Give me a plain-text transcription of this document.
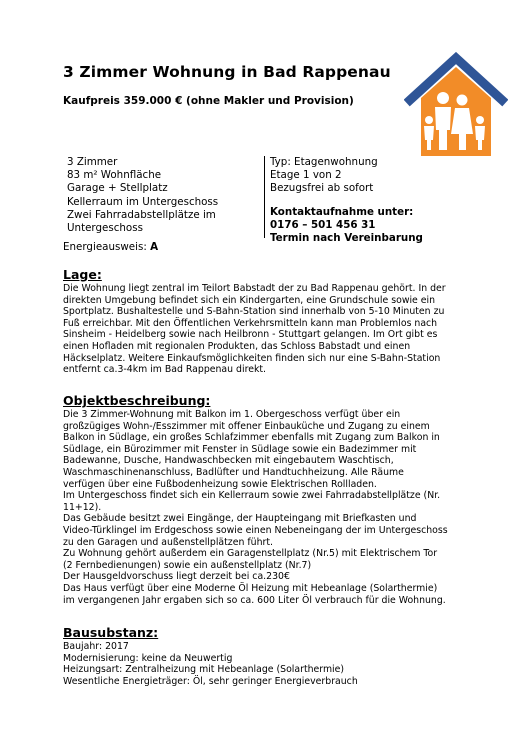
3 Zimmer Wohnung in Bad Rappenau
Kaufpreis 359.000 € (ohne Makler und Provision)
3 Zimmer
83 m² Wohnfläche
Garage + Stellplatz
Kellerraum im Untergeschoss
Zwei Fahrradabstellplätze im
Untergeschoss
Typ: Etagenwohnung
Etage 1 von 2
Bezugsfrei ab sofort
Kontaktaufnahme unter:
0176 – 501 456 31
Termin nach Vereinbarung
Energieausweis: A
Lage:

Die Wohnung liegt zentral im Teilort Babstadt der zu Bad Rappenau gehört. In der

direkten Umgebung befindet sich ein Kindergarten, eine Grundschule sowie ein

Sportplatz. Bushaltestelle und S-Bahn-Station sind innerhalb von 5-10 Minuten zu

Fuß erreichbar. Mit den Öffentlichen Verkehrsmitteln kann man Problemlos nach

Sinsheim - Heidelberg sowie nach Heilbronn - Stuttgart gelangen. Im Ort gibt es

einen Hofladen mit regionalen Produkten, das Schloss Babstadt und einen

Häckselplatz. Weitere Einkaufsmöglichkeiten finden sich nur eine S-Bahn-Station

entfernt ca.3-4km im Bad Rappenau direkt.

Objektbeschreibung:

Die 3 Zimmer-Wohnung mit Balkon im 1. Obergeschoss verfügt über ein

großzügiges Wohn-/Esszimmer mit offener Einbauküche und Zugang zu einem

Balkon in Südlage, ein großes Schlafzimmer ebenfalls mit Zugang zum Balkon in

Südlage, ein Bürozimmer mit Fenster in Südlage sowie ein Badezimmer mit

Badewanne, Dusche, Handwaschbecken mit eingebautem Waschtisch,

Waschmaschinenanschluss, Badlüfter und Handtuchheizung. Alle Räume

verfügen über eine Fußbodenheizung sowie Elektrischen Rollladen.

Im Untergeschoss findet sich ein Kellerraum sowie zwei Fahrradabstellplätze (Nr.

11+12).

Das Gebäude besitzt zwei Eingänge, der Haupteingang mit Briefkasten und

Video-Türklingel im Erdgeschoss sowie einen Nebeneingang der im Untergeschoss

zu den Garagen und außenstellplätzen führt.

Zu Wohnung gehört außerdem ein Garagenstellplatz (Nr.5) mit Elektrischem Tor

(2 Fernbedienungen) sowie ein außenstellplatz (Nr.7)

Der Hausgeldvorschuss liegt derzeit bei ca.230€

Das Haus verfügt über eine Moderne Öl Heizung mit Hebeanlage (Solarthermie)

im vergangenen Jahr ergaben sich so ca. 600 Liter Öl verbrauch für die Wohnung.

Bausubstanz:

Baujahr: 2017

Modernisierung: keine da Neuwertig

Heizungsart: Zentralheizung mit Hebeanlage (Solarthermie)

Wesentliche Energieträger: Öl, sehr geringer Energieverbrauch
